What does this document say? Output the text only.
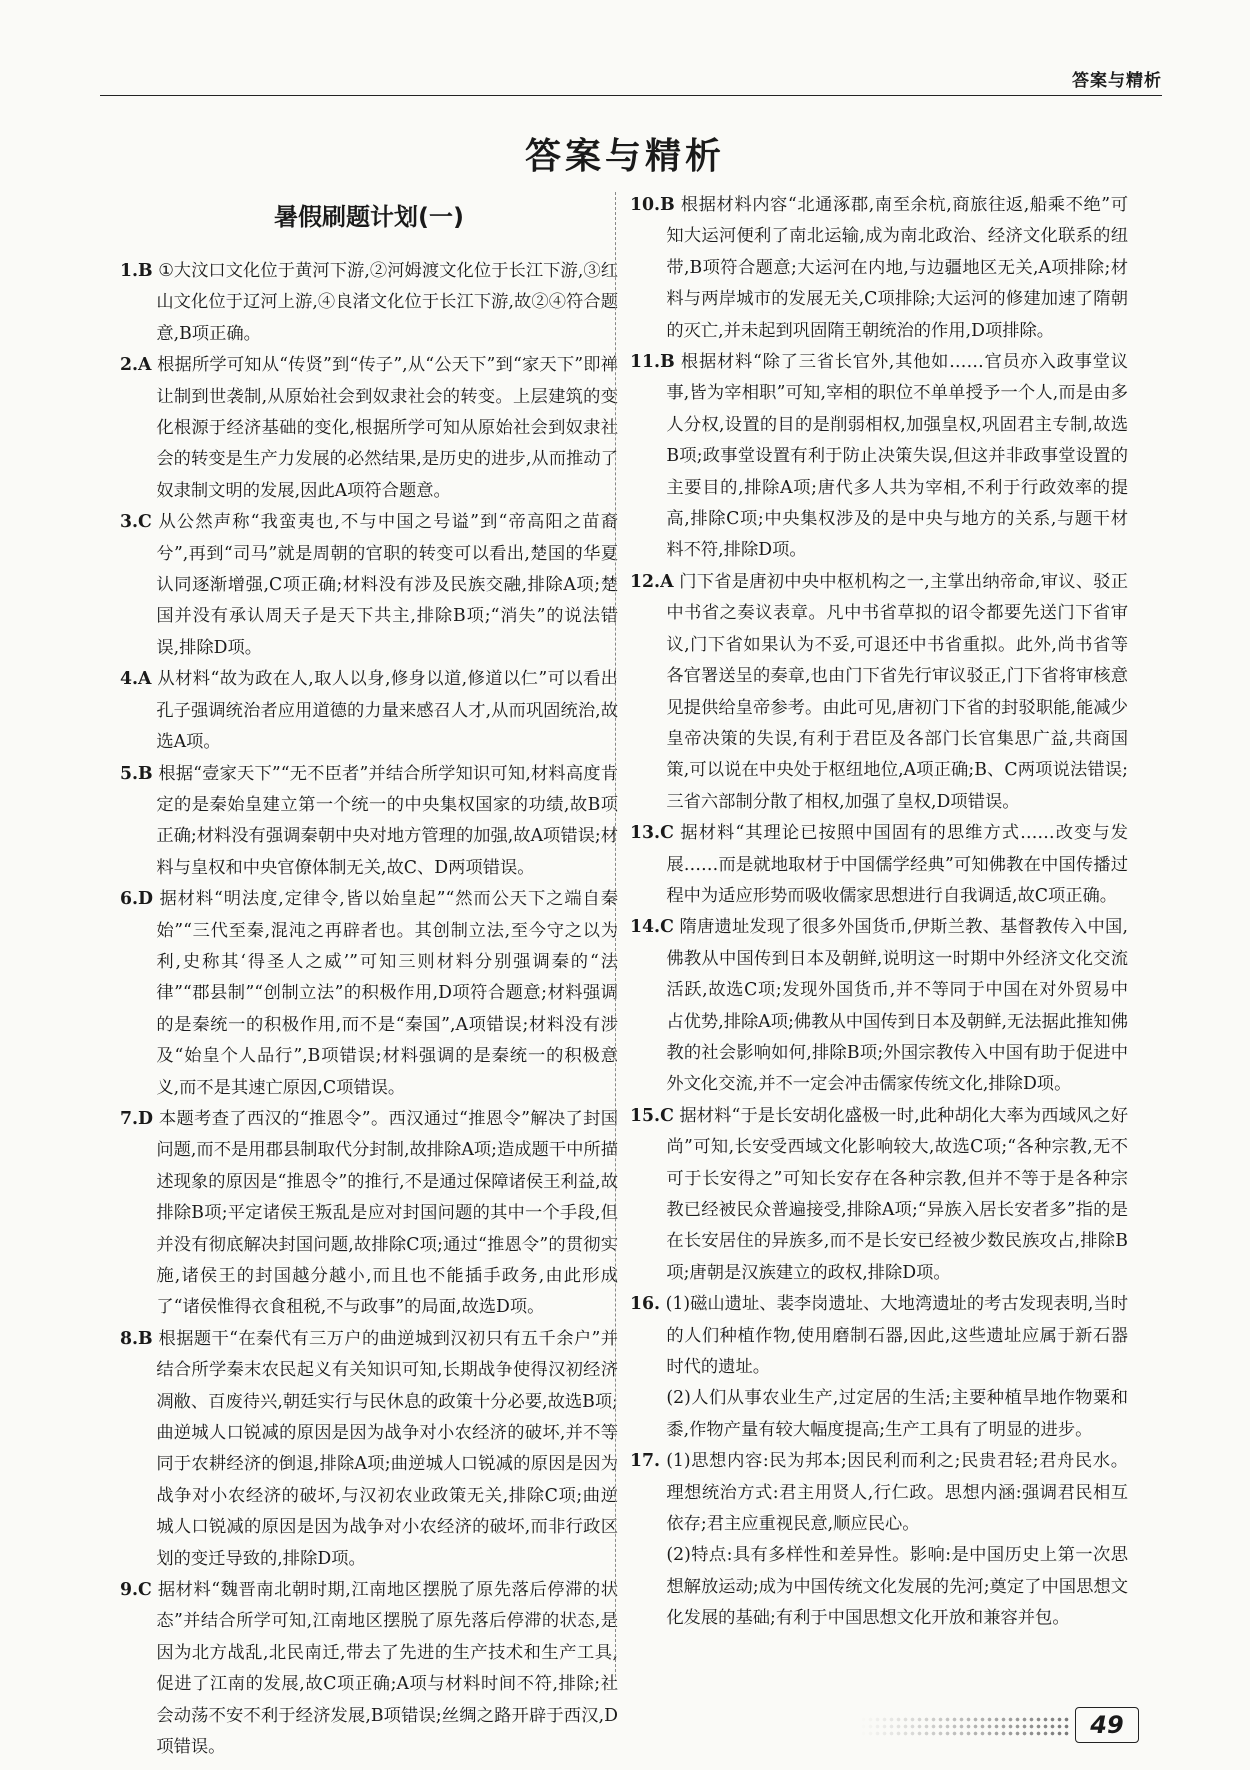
答案与精析
答案与精析
暑假刷题计划(一)
1.B ①大汶口文化位于黄河下游,②河姆渡文化位于长江下游,③红山文化位于辽河上游,④良渚文化位于长江下游,故②④符合题意,B项正确。
2.A 根据所学可知从“传贤”到“传子”,从“公天下”到“家天下”即禅让制到世袭制,从原始社会到奴隶社会的转变。上层建筑的变化根源于经济基础的变化,根据所学可知从原始社会到奴隶社会的转变是生产力发展的必然结果,是历史的进步,从而推动了奴隶制文明的发展,因此A项符合题意。
3.C 从公然声称“我蛮夷也,不与中国之号谥”到“帝高阳之苗裔兮”,再到“司马”就是周朝的官职的转变可以看出,楚国的华夏认同逐渐增强,C项正确;材料没有涉及民族交融,排除A项;楚国并没有承认周天子是天下共主,排除B项;“消失”的说法错误,排除D项。
4.A 从材料“故为政在人,取人以身,修身以道,修道以仁”可以看出孔子强调统治者应用道德的力量来感召人才,从而巩固统治,故选A项。
5.B 根据“壹家天下”“无不臣者”并结合所学知识可知,材料高度肯定的是秦始皇建立第一个统一的中央集权国家的功绩,故B项正确;材料没有强调秦朝中央对地方管理的加强,故A项错误;材料与皇权和中央官僚体制无关,故C、D两项错误。
6.D 据材料“明法度,定律令,皆以始皇起”“然而公天下之端自秦始”“三代至秦,混沌之再辟者也。其创制立法,至今守之以为利,史称其‘得圣人之威’”可知三则材料分别强调秦的“法律”“郡县制”“创制立法”的积极作用,D项符合题意;材料强调的是秦统一的积极作用,而不是“秦国”,A项错误;材料没有涉及“始皇个人品行”,B项错误;材料强调的是秦统一的积极意义,而不是其速亡原因,C项错误。
7.D 本题考查了西汉的“推恩令”。西汉通过“推恩令”解决了封国问题,而不是用郡县制取代分封制,故排除A项;造成题干中所描述现象的原因是“推恩令”的推行,不是通过保障诸侯王利益,故排除B项;平定诸侯王叛乱是应对封国问题的其中一个手段,但并没有彻底解决封国问题,故排除C项;通过“推恩令”的贯彻实施,诸侯王的封国越分越小,而且也不能插手政务,由此形成了“诸侯惟得衣食租税,不与政事”的局面,故选D项。
8.B 根据题干“在秦代有三万户的曲逆城到汉初只有五千余户”并结合所学秦末农民起义有关知识可知,长期战争使得汉初经济凋敝、百废待兴,朝廷实行与民休息的政策十分必要,故选B项;曲逆城人口锐减的原因是因为战争对小农经济的破坏,并不等同于农耕经济的倒退,排除A项;曲逆城人口锐减的原因是因为战争对小农经济的破坏,与汉初农业政策无关,排除C项;曲逆城人口锐减的原因是因为战争对小农经济的破坏,而非行政区划的变迁导致的,排除D项。
9.C 据材料“魏晋南北朝时期,江南地区摆脱了原先落后停滞的状态”并结合所学可知,江南地区摆脱了原先落后停滞的状态,是因为北方战乱,北民南迁,带去了先进的生产技术和生产工具,促进了江南的发展,故C项正确;A项与材料时间不符,排除;社会动荡不安不利于经济发展,B项错误;丝绸之路开辟于西汉,D项错误。
10.B 根据材料内容“北通涿郡,南至余杭,商旅往返,船乘不绝”可知大运河便利了南北运输,成为南北政治、经济文化联系的纽带,B项符合题意;大运河在内地,与边疆地区无关,A项排除;材料与两岸城市的发展无关,C项排除;大运河的修建加速了隋朝的灭亡,并未起到巩固隋王朝统治的作用,D项排除。
11.B 根据材料“除了三省长官外,其他如……官员亦入政事堂议事,皆为宰相职”可知,宰相的职位不单单授予一个人,而是由多人分权,设置的目的是削弱相权,加强皇权,巩固君主专制,故选B项;政事堂设置有利于防止决策失误,但这并非政事堂设置的主要目的,排除A项;唐代多人共为宰相,不利于行政效率的提高,排除C项;中央集权涉及的是中央与地方的关系,与题干材料不符,排除D项。
12.A 门下省是唐初中央中枢机构之一,主掌出纳帝命,审议、驳正中书省之奏议表章。凡中书省草拟的诏令都要先送门下省审议,门下省如果认为不妥,可退还中书省重拟。此外,尚书省等各官署送呈的奏章,也由门下省先行审议驳正,门下省将审核意见提供给皇帝参考。由此可见,唐初门下省的封驳职能,能减少皇帝决策的失误,有利于君臣及各部门长官集思广益,共商国策,可以说在中央处于枢纽地位,A项正确;B、C两项说法错误;三省六部制分散了相权,加强了皇权,D项错误。
13.C 据材料“其理论已按照中国固有的思维方式……改变与发展……而是就地取材于中国儒学经典”可知佛教在中国传播过程中为适应形势而吸收儒家思想进行自我调适,故C项正确。
14.C 隋唐遗址发现了很多外国货币,伊斯兰教、基督教传入中国,佛教从中国传到日本及朝鲜,说明这一时期中外经济文化交流活跃,故选C项;发现外国货币,并不等同于中国在对外贸易中占优势,排除A项;佛教从中国传到日本及朝鲜,无法据此推知佛教的社会影响如何,排除B项;外国宗教传入中国有助于促进中外文化交流,并不一定会冲击儒家传统文化,排除D项。
15.C 据材料“于是长安胡化盛极一时,此种胡化大率为西域风之好尚”可知,长安受西域文化影响较大,故选C项;“各种宗教,无不可于长安得之”可知长安存在各种宗教,但并不等于是各种宗教已经被民众普遍接受,排除A项;“异族入居长安者多”指的是在长安居住的异族多,而不是长安已经被少数民族攻占,排除B项;唐朝是汉族建立的政权,排除D项。
16. (1)磁山遗址、裴李岗遗址、大地湾遗址的考古发现表明,当时的人们种植作物,使用磨制石器,因此,这些遗址应属于新石器时代的遗址。
(2)人们从事农业生产,过定居的生活;主要种植旱地作物粟和黍,作物产量有较大幅度提高;生产工具有了明显的进步。
17. (1)思想内容:民为邦本;因民利而利之;民贵君轻;君舟民水。理想统治方式:君主用贤人,行仁政。思想内涵:强调君民相互依存;君主应重视民意,顺应民心。
(2)特点:具有多样性和差异性。影响:是中国历史上第一次思想解放运动;成为中国传统文化发展的先河;奠定了中国思想文化发展的基础;有利于中国思想文化开放和兼容并包。
49
